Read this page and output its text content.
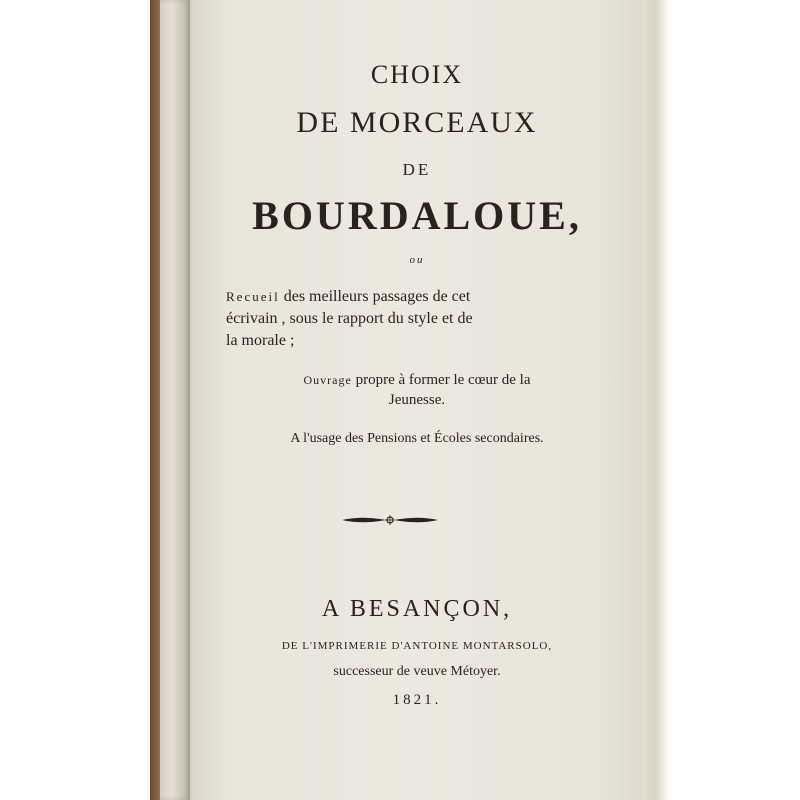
CHOIX
DE MORCEAUX
DE
BOURDALOUE,
ou
Recueil des meilleurs passages de cet
écrivain , sous le rapport du style et de
la morale ;
Ouvrage propre à former le cœur de la
Jeunesse.
A l'usage des Pensions et Écoles secondaires.
A BESANÇON,
DE L'IMPRIMERIE D'ANTOINE MONTARSOLO,
successeur de veuve Métoyer.
1821.
